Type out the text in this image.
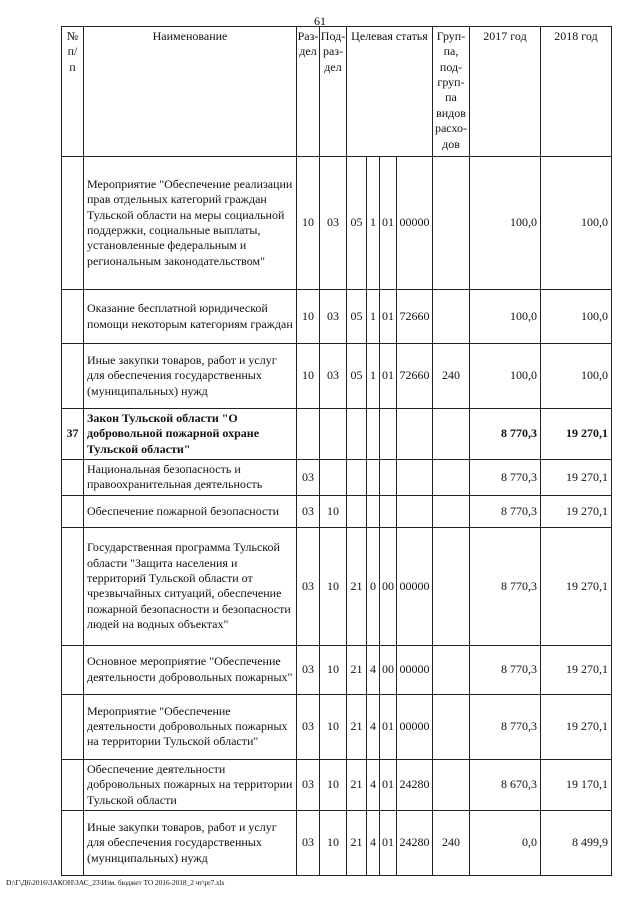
61
№ п/ п	Наименование	Раз-дел	Под-раз-дел	Целевая статья				Груп-па, под-груп-па видов расхо-дов	2017 год	2018 год
	Мероприятие "Обеспечение реализации прав отдельных категорий граждан Тульской области на меры социальной поддержки, социальные выплаты, установленные федеральным и региональным законодательством"	10	03	05	1	01	00000		100,0	100,0
	Оказание бесплатной юридической помощи некоторым категориям граждан	10	03	05	1	01	72660		100,0	100,0
	Иные закупки товаров, работ и услуг для обеспечения государственных (муниципальных) нужд	10	03	05	1	01	72660	240	100,0	100,0
37	Закон Тульской области "О добровольной пожарной охране Тульской области"								8 770,3	19 270,1
	Национальная безопасность и правоохранительная деятельность	03							8 770,3	19 270,1
	Обеспечение пожарной безопасности	03	10						8 770,3	19 270,1
	Государственная программа Тульской области "Защита населения и территорий Тульской области от чрезвычайных ситуаций, обеспечение пожарной безопасности и безопасности людей на водных объектах"	03	10	21	0	00	00000		8 770,3	19 270,1
	Основное мероприятие "Обеспечение деятельности добровольных пожарных"	03	10	21	4	00	00000		8 770,3	19 270,1
	Мероприятие "Обеспечение деятельности добровольных пожарных на территории Тульской области"	03	10	21	4	01	00000		8 770,3	19 270,1
	Обеспечение деятельности добровольных пожарных на территории Тульской области	03	10	21	4	01	24280		8 670,3	19 170,1
	Иные закупки товаров, работ и услуг для обеспечения государственных (муниципальных) нужд	03	10	21	4	01	24280	240	0,0	8 499,9
D:\Г\Д6\2016\ЗАКОН\ЗАС_23\Изм. бюджет ТО 2016-2018_2 чт\pr7.xls
